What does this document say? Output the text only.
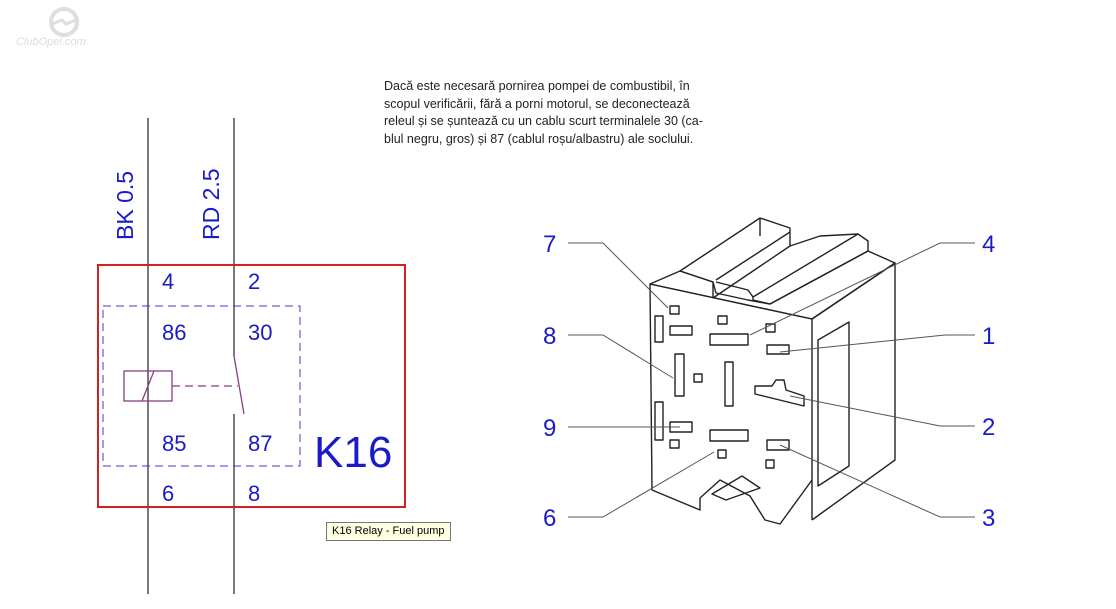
BK 0.5	RD 2.5
4	2
86	30
85	87
6	8
K16
7
8
9
6
4
1
2
3
ClubOpel.com
Dacă este necesară pornirea pompei de combustibil, în
scopul verificării, fără a porni motorul, se deconectează
releul și se șuntează cu un cablu scurt terminalele 30 (ca-
blul negru, gros) și 87 (cablul roșu/albastru) ale soclului.
K16 Relay - Fuel pump
